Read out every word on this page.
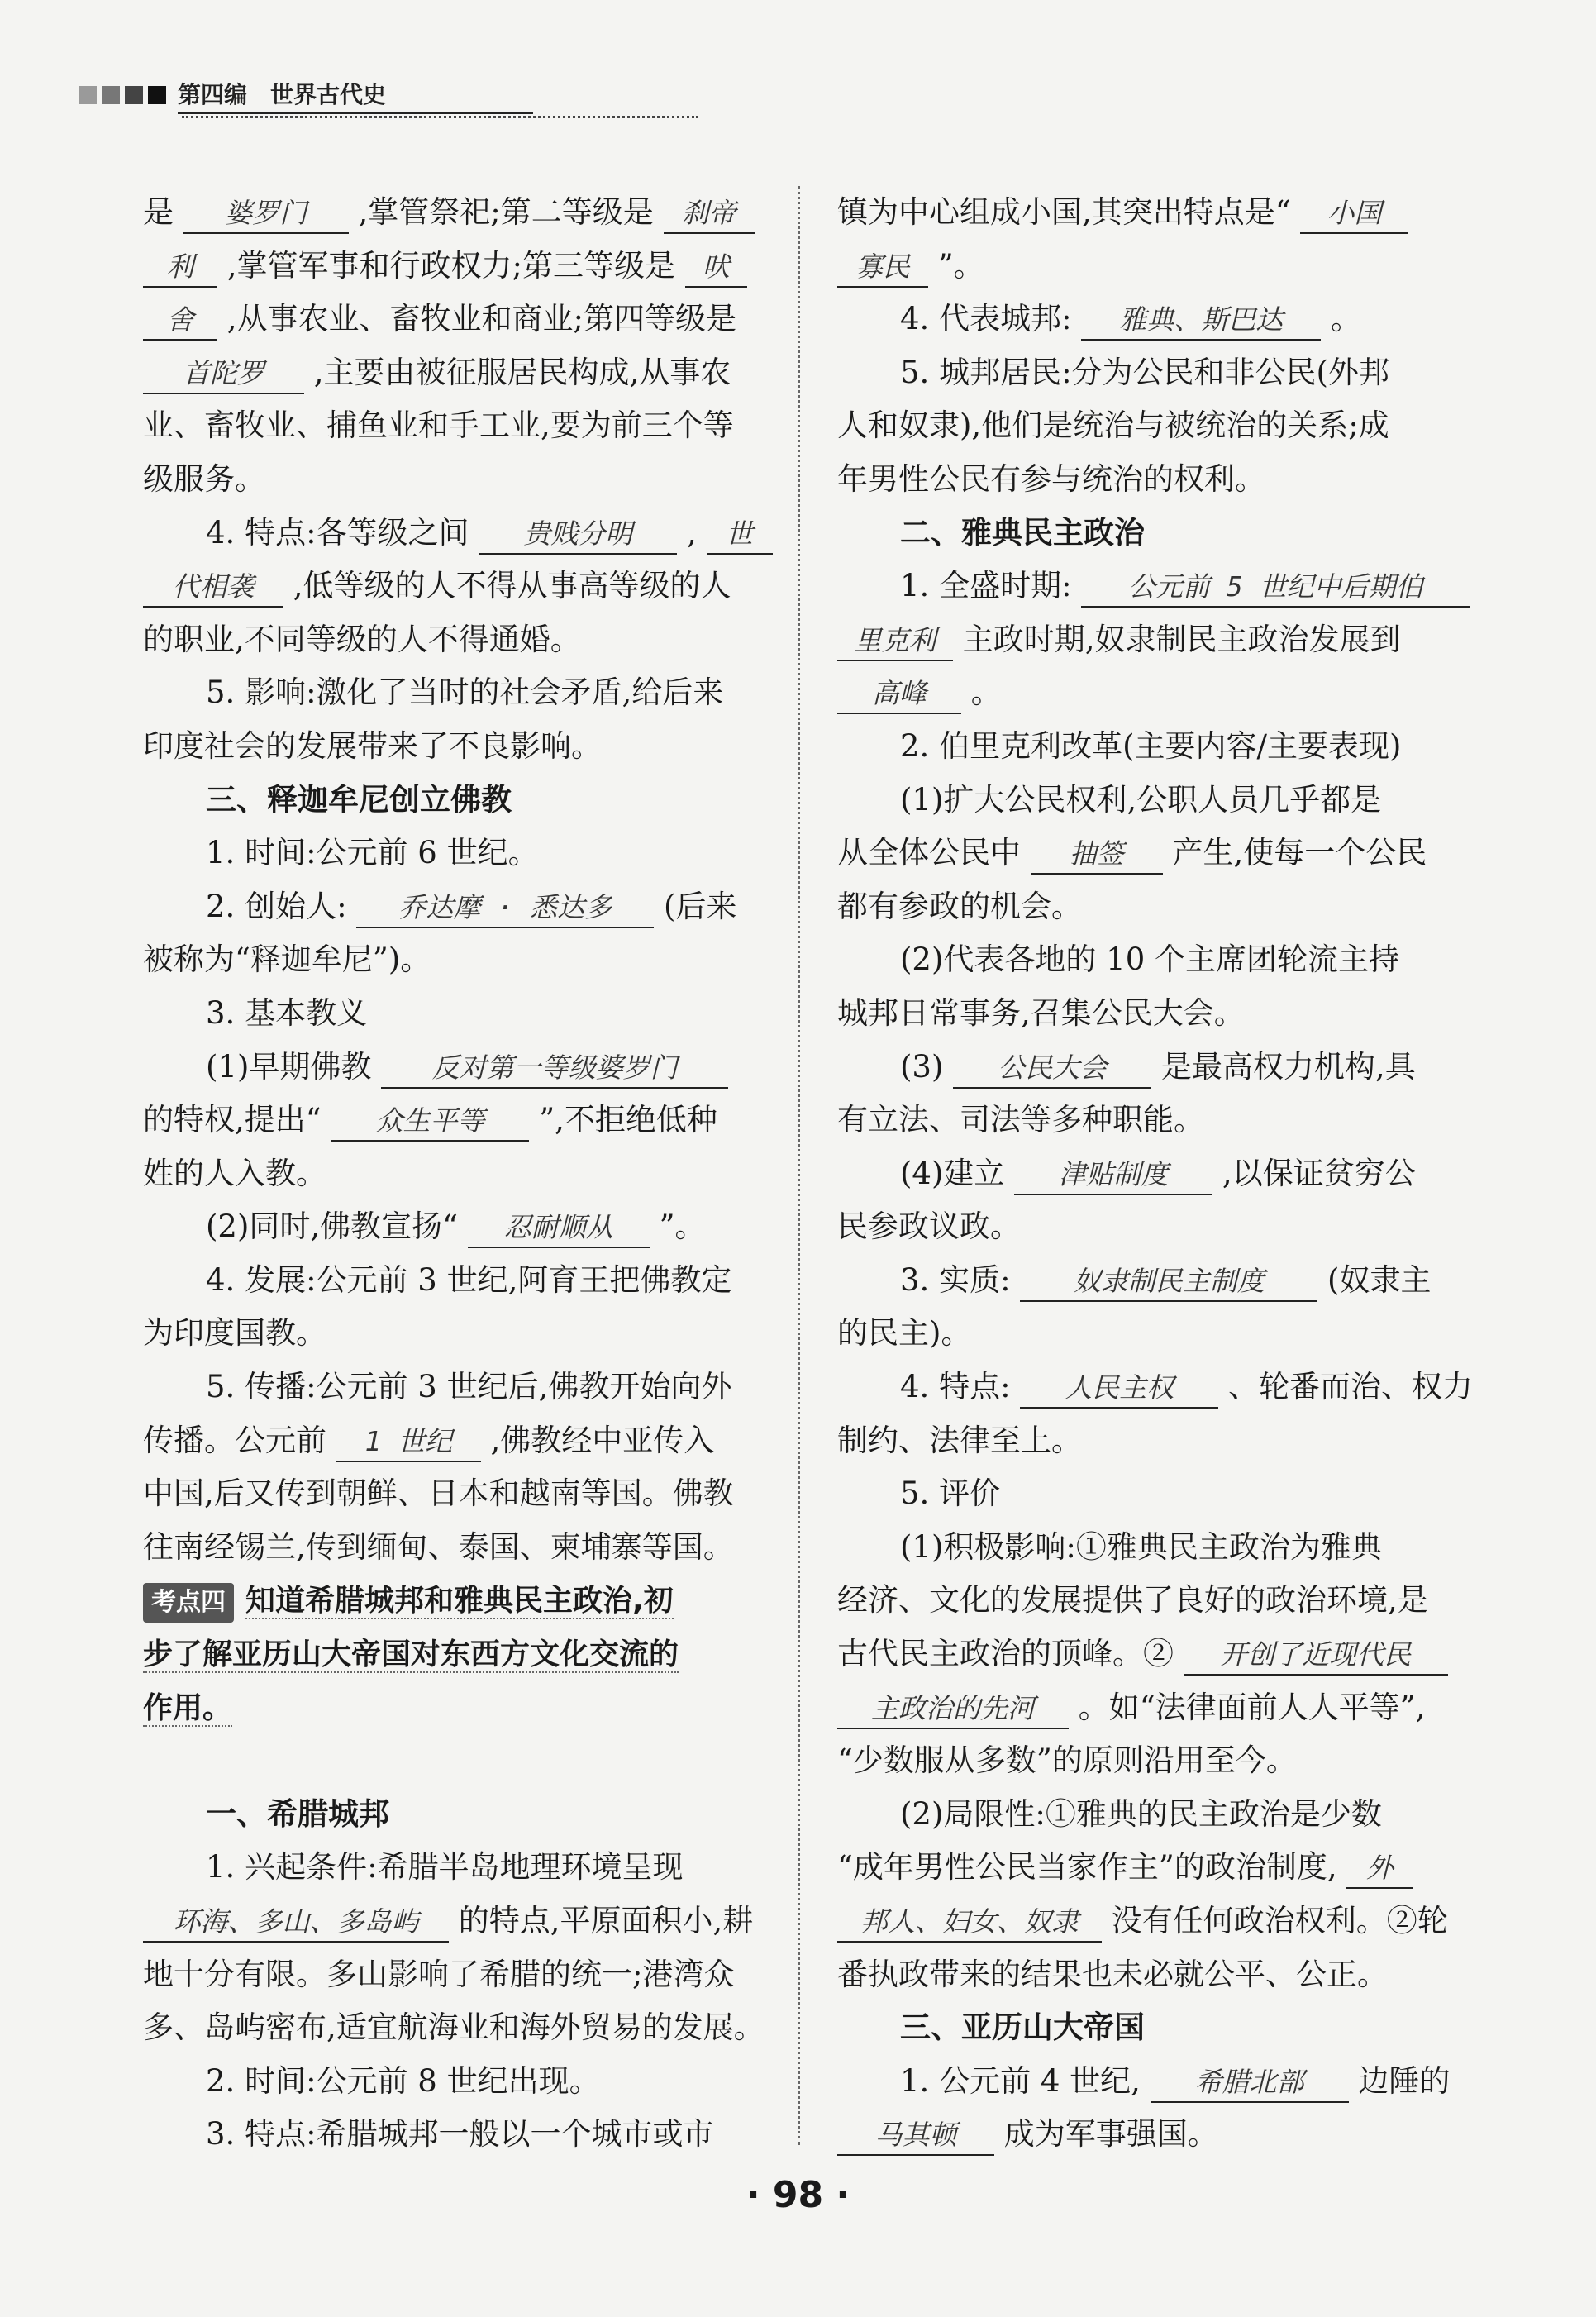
第四编　世界古代史
是 婆罗门 ,掌管祭祀;第二等级是 刹帝
利 ,掌管军事和行政权力;第三等级是 吠
舍 ,从事农业、畜牧业和商业;第四等级是
首陀罗 ,主要由被征服居民构成,从事农
业、畜牧业、捕鱼业和手工业,要为前三个等
级服务。
4. 特点:各等级之间 贵贱分明 , 世
代相袭 ,低等级的人不得从事高等级的人
的职业,不同等级的人不得通婚。
5. 影响:激化了当时的社会矛盾,给后来
印度社会的发展带来了不良影响。
三、释迦牟尼创立佛教
1. 时间:公元前 6 世纪。
2. 创始人: 乔达摩 · 悉达多 (后来
被称为“释迦牟尼”)。
3. 基本教义
(1)早期佛教 反对第一等级婆罗门
的特权,提出“ 众生平等 ”,不拒绝低种
姓的人入教。
(2)同时,佛教宣扬“ 忍耐顺从 ”。
4. 发展:公元前 3 世纪,阿育王把佛教定
为印度国教。
5. 传播:公元前 3 世纪后,佛教开始向外
传播。公元前 1 世纪 ,佛教经中亚传入
中国,后又传到朝鲜、日本和越南等国。佛教
往南经锡兰,传到缅甸、泰国、柬埔寨等国。
考点四 知道希腊城邦和雅典民主政治,初
步了解亚历山大帝国对东西方文化交流的
作用。
一、希腊城邦
1. 兴起条件:希腊半岛地理环境呈现
环海、多山、多岛屿 的特点,平原面积小,耕
地十分有限。多山影响了希腊的统一;港湾众
多、岛屿密布,适宜航海业和海外贸易的发展。
2. 时间:公元前 8 世纪出现。
3. 特点:希腊城邦一般以一个城市或市
镇为中心组成小国,其突出特点是“ 小国
寡民 ”。
4. 代表城邦: 雅典、斯巴达 。
5. 城邦居民:分为公民和非公民(外邦
人和奴隶),他们是统治与被统治的关系;成
年男性公民有参与统治的权利。
二、雅典民主政治
1. 全盛时期: 公元前 5 世纪中后期伯
里克利 主政时期,奴隶制民主政治发展到
高峰 。
2. 伯里克利改革(主要内容/主要表现)
(1)扩大公民权利,公职人员几乎都是
从全体公民中 抽签 产生,使每一个公民
都有参政的机会。
(2)代表各地的 10 个主席团轮流主持
城邦日常事务,召集公民大会。
(3) 公民大会 是最高权力机构,具
有立法、司法等多种职能。
(4)建立 津贴制度 ,以保证贫穷公
民参政议政。
3. 实质: 奴隶制民主制度 (奴隶主
的民主)。
4. 特点: 人民主权 、轮番而治、权力
制约、法律至上。
5. 评价
(1)积极影响:①雅典民主政治为雅典
经济、文化的发展提供了良好的政治环境,是
古代民主政治的顶峰。② 开创了近现代民
主政治的先河 。如“法律面前人人平等”,
“少数服从多数”的原则沿用至今。
(2)局限性:①雅典的民主政治是少数
“成年男性公民当家作主”的政治制度, 外
邦人、妇女、奴隶 没有任何政治权利。②轮
番执政带来的结果也未必就公平、公正。
三、亚历山大帝国
1. 公元前 4 世纪, 希腊北部 边陲的
马其顿 成为军事强国。
· 98 ·
